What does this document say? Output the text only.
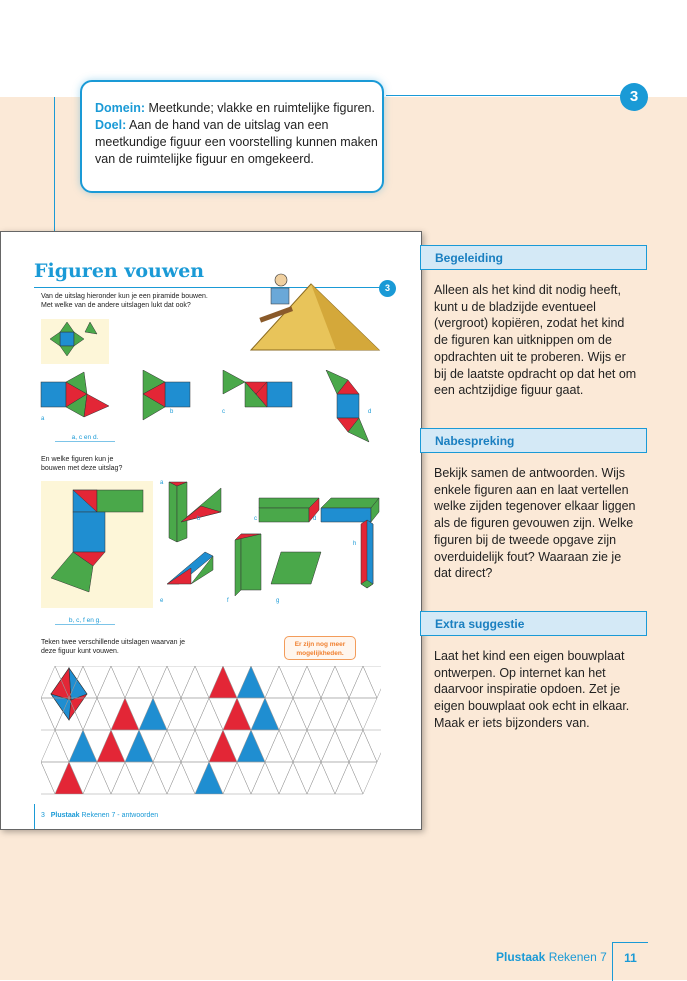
3
Domein: Meetkunde; vlakke en ruimtelijke figuren.
Doel: Aan de hand van de uitslag van een meetkundige figuur een voorstelling kunnen maken van de ruimtelijke figuur en omgekeerd.
Figuren vouwen
3
Van de uitslag hieronder kun je een piramide bouwen.
Met welke van de andere uitslagen lukt dat ook?
a
b	c	d
a, c en d.
En welke figuren kun je
bouwen met deze uitslag?
a
b	c	d
e	f	g
h
b, c, f en g.
Teken twee verschillende uitslagen waarvan je
deze figuur kunt vouwen.
Er zijn nog meer
mogelijkheden.
3 Plustaak Rekenen 7 - antwoorden
Begeleiding
Alleen als het kind dit nodig heeft, kunt u de bladzijde eventueel (vergroot) kopiëren, zodat het kind de figuren kan uitknippen om de opdrachten uit te proberen. Wijs er bij de laatste opdracht op dat het om een achtzijdige figuur gaat.
Nabespreking
Bekijk samen de antwoorden. Wijs enkele figuren aan en laat vertellen welke zijden tegenover elkaar liggen als de figuren gevouwen zijn. Welke figuren bij de tweede opgave zijn overduidelijk fout? Waaraan zie je dat direct?
Extra suggestie
Laat het kind een eigen bouwplaat ontwerpen. Op internet kan het daarvoor inspiratie opdoen. Zet je eigen bouwplaat ook echt in elkaar. Maak er iets bijzonders van.
Plustaak Rekenen 7	11
